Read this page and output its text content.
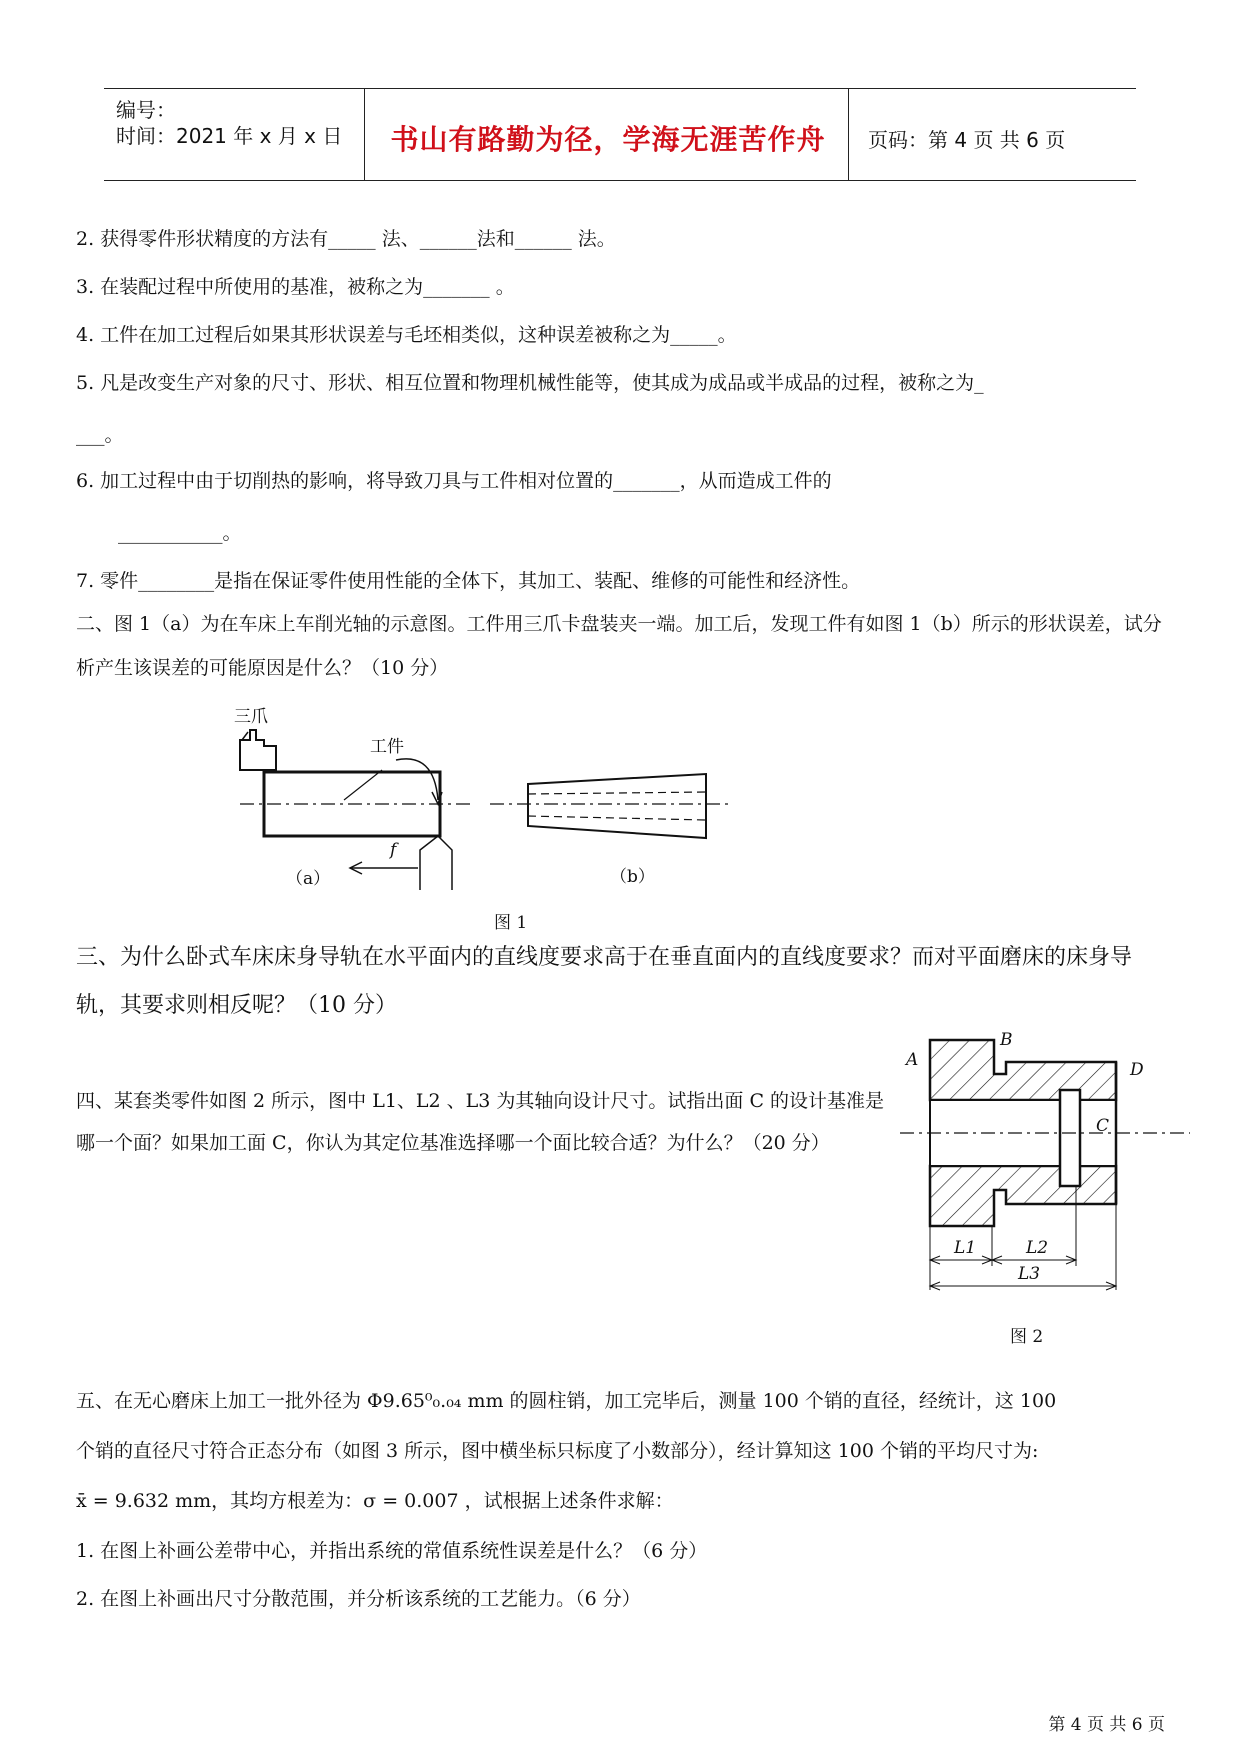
编号：
时间：2021 年 x 月 x 日	书山有路勤为径，学海无涯苦作舟	页码：第 4 页 共 6 页
2. 获得零件形状精度的方法有_____ 法、______法和______ 法。
3. 在装配过程中所使用的基准，被称之为_______ 。
4. 工件在加工过程后如果其形状误差与毛坯相类似，这种误差被称之为_____。
5. 凡是改变生产对象的尺寸、形状、相互位置和物理机械性能等，使其成为成品或半成品的过程，被称之为_
___。
6. 加工过程中由于切削热的影响，将导致刀具与工件相对位置的_______，从而造成工件的
___________。
7. 零件________是指在保证零件使用性能的全体下，其加工、装配、维修的可能性和经济性。
二、图 1（a）为在车床上车削光轴的示意图。工件用三爪卡盘装夹一端。加工后，发现工件有如图 1（b）所示的形状误差，试分析产生该误差的可能原因是什么？（10 分）
三爪
工件
f
（a）	（b）
图 1
三、为什么卧式车床床身导轨在水平面内的直线度要求高于在垂直面内的直线度要求？而对平面磨床的床身导轨，其要求则相反呢？（10 分）
四、某套类零件如图 2 所示，图中 L1、L2 、L3 为其轴向设计尺寸。试指出面 C 的设计基准是哪一个面？如果加工面 C，你认为其定位基准选择哪一个面比较合适？为什么？（20 分）
A
B
C
D
L1	L2
L3
图 2
五、在无心磨床上加工一批外径为 Φ9.65⁰₀.₀₄ mm 的圆柱销，加工完毕后，测量 100 个销的直径，经统计，这 100
个销的直径尺寸符合正态分布（如图 3 所示，图中横坐标只标度了小数部分），经计算知这 100 个销的平均尺寸为:
x̄ = 9.632 mm，其均方根差为：σ = 0.007 ，试根据上述条件求解：
1. 在图上补画公差带中心，并指出系统的常值系统性误差是什么？（6 分）
2. 在图上补画出尺寸分散范围，并分析该系统的工艺能力。（6 分）
第 4 页 共 6 页
